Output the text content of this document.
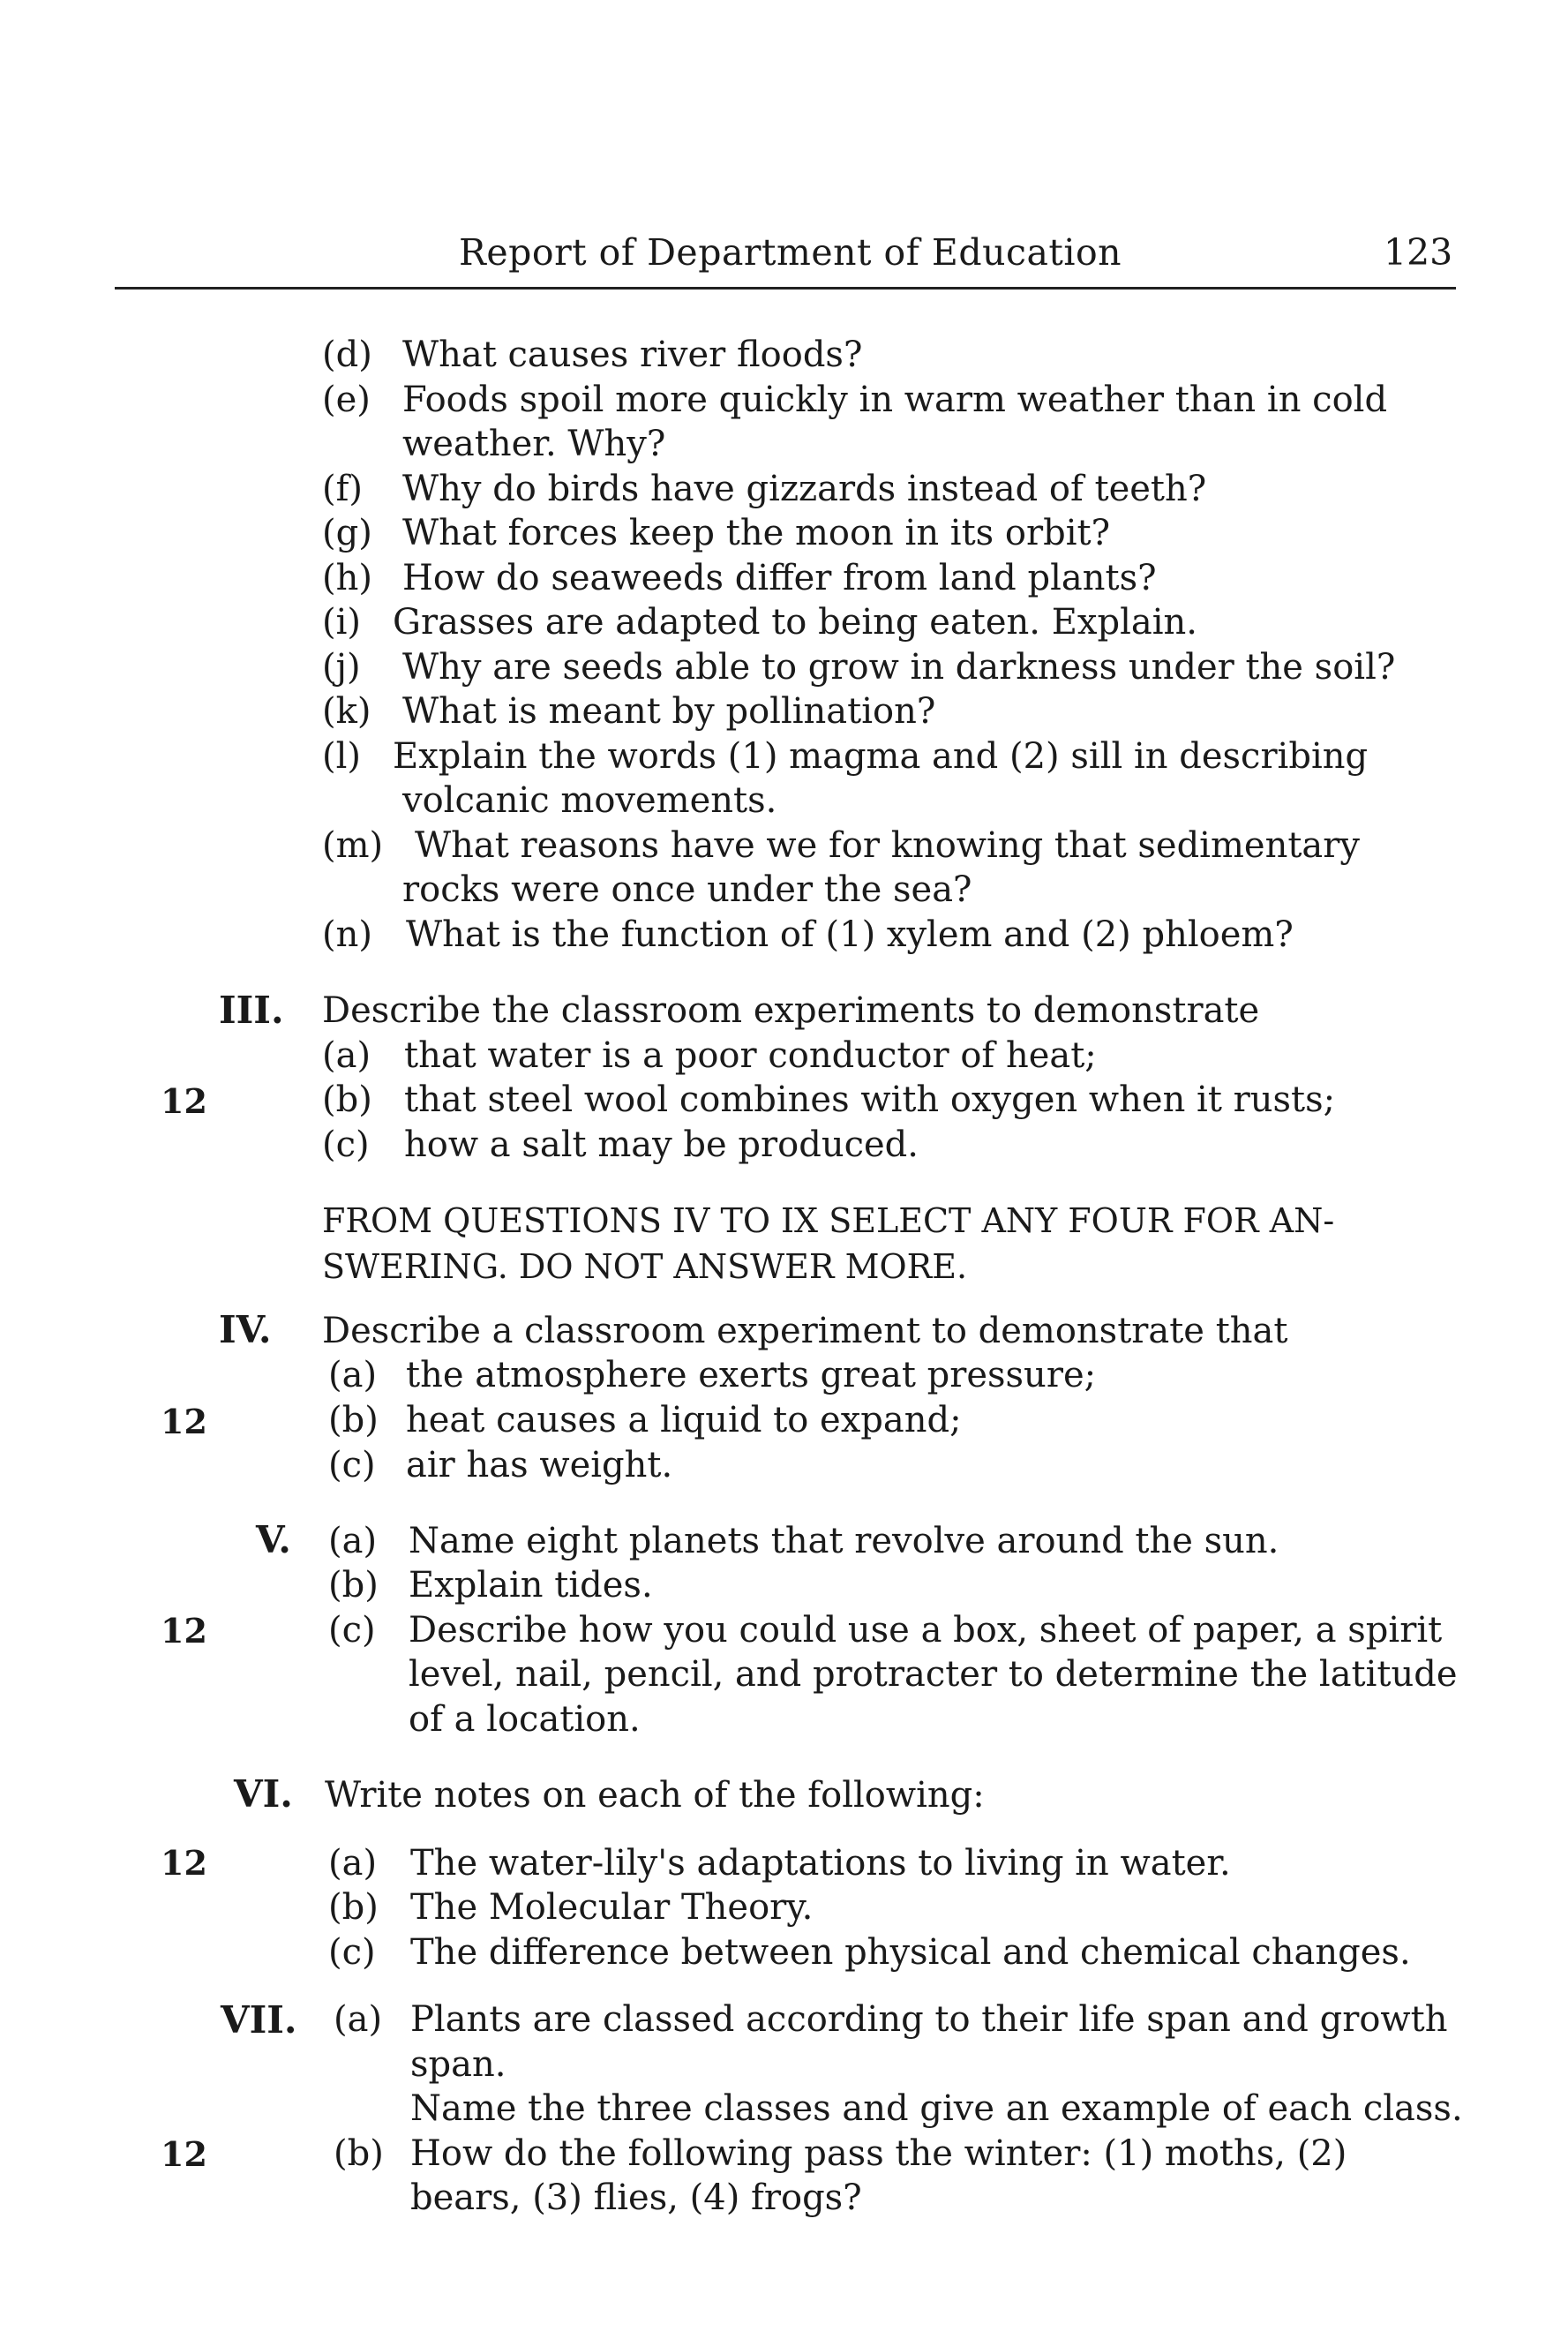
Report of Department of Education	123
(d) What causes river floods?
(e) Foods spoil more quickly in warm weather than in cold
weather. Why?
(f) Why do birds have gizzards instead of teeth?
(g) What forces keep the moon in its orbit?
(h) How do seaweeds differ from land plants?
(i) Grasses are adapted to being eaten. Explain.
(j) Why are seeds able to grow in darkness under the soil?
(k) What is meant by pollination?
(l) Explain the words (1) magma and (2) sill in describing
volcanic movements.
(m) What reasons have we for knowing that sedimentary
rocks were once under the sea?
(n) What is the function of (1) xylem and (2) phloem?
III.
12
Describe the classroom experiments to demonstrate
(a) that water is a poor conductor of heat;
(b) that steel wool combines with oxygen when it rusts;
(c) how a salt may be produced.
FROM QUESTIONS IV TO IX SELECT ANY FOUR FOR AN-
SWERING. DO NOT ANSWER MORE.
IV.
12
Describe a classroom experiment to demonstrate that
(a) the atmosphere exerts great pressure;
(b) heat causes a liquid to expand;
(c) air has weight.
V.
12
(a) Name eight planets that revolve around the sun.
(b) Explain tides.
(c) Describe how you could use a box, sheet of paper, a spirit
level, nail, pencil, and protracter to determine the latitude
of a location.
VI.
12
Write notes on each of the following:
(a) The water-lily's adaptations to living in water.
(b) The Molecular Theory.
(c) The difference between physical and chemical changes.
VII.
12
(a) Plants are classed according to their life span and growth
span.
Name the three classes and give an example of each class.
(b) How do the following pass the winter: (1) moths, (2)
bears, (3) flies, (4) frogs?
